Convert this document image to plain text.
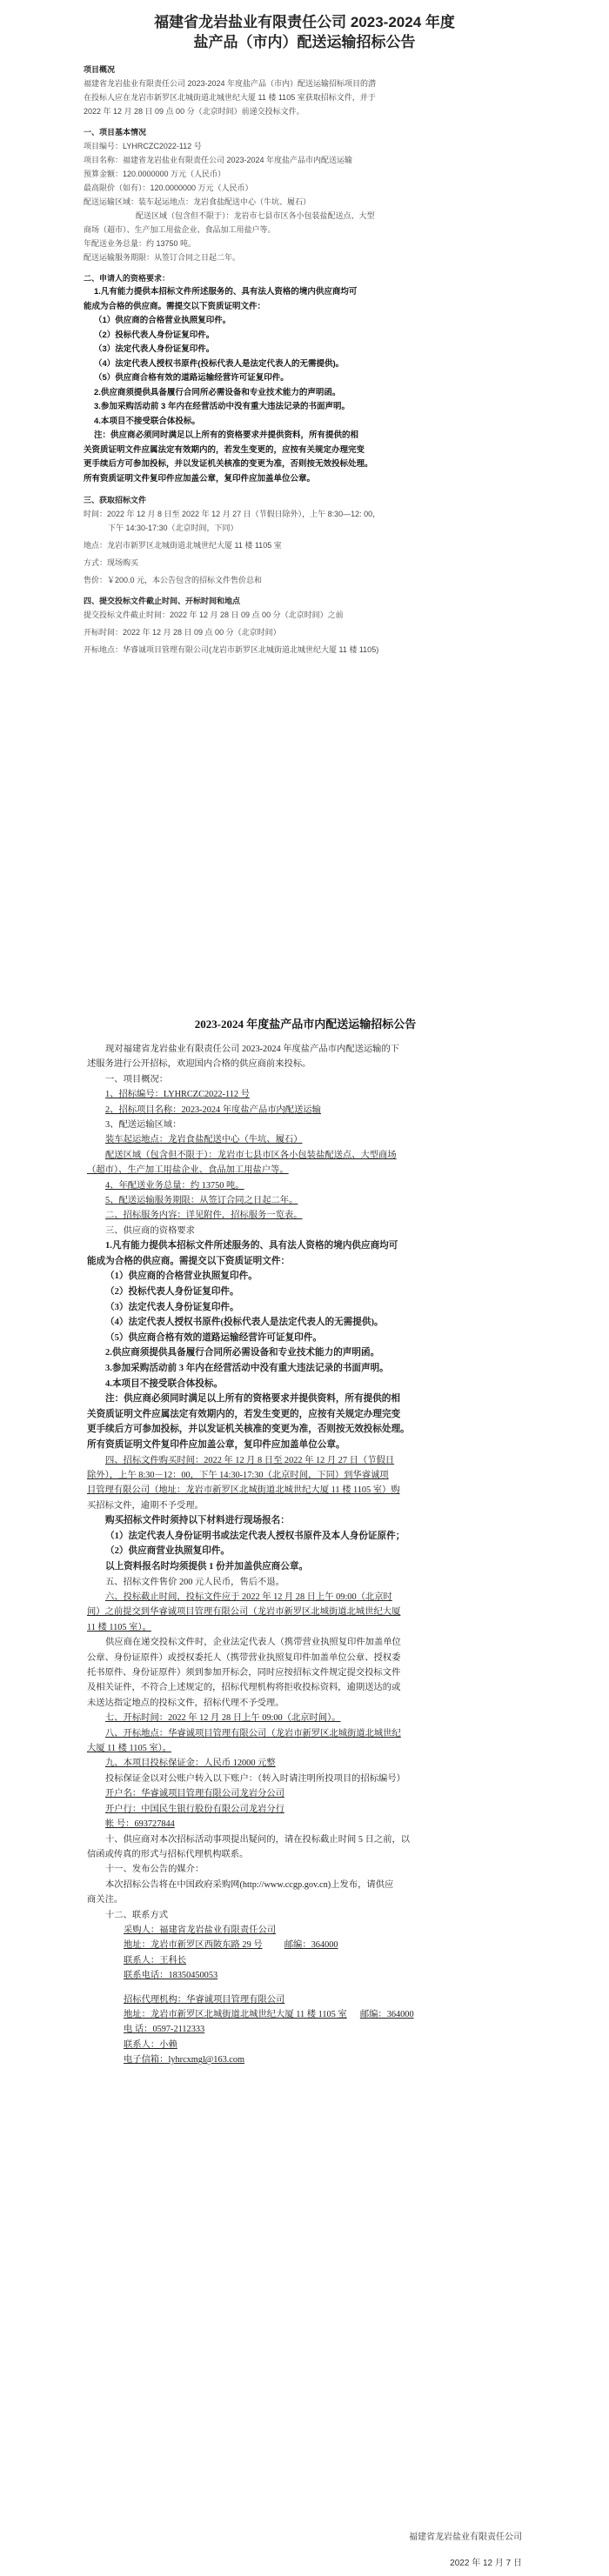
福建省龙岩盐业有限责任公司 2023-2024 年度
盐产品（市内）配送运输招标公告
项目概况
福建省龙岩盐业有限责任公司 2023-2024 年度盐产品（市内）配送运输招标项目的潜
在投标人应在龙岩市新罗区北城街道北城世纪大厦 11 楼 1105 室获取招标文件，并于
2022 年 12 月 28 日 09 点 00 分（北京时间）前递交投标文件。
一、项目基本情况
项目编号：LYHRCZC2022-112 号
项目名称：福建省龙岩盐业有限责任公司 2023-2024 年度盐产品市内配送运输
预算金额：120.0000000 万元（人民币）
最高限价（如有）：120.0000000 万元（人民币）
配送运输区域：装车起运地点：龙岩食盐配送中心（牛坑、履石）
配送区域（包含但不限于）：龙岩市七县市区各小包装盐配送点、大型
商场（超市）、生产加工用盐企业、食品加工用盐户等。
年配送业务总量：约 13750 吨。
配送运输服务期限：从签订合同之日起二年。
二、申请人的资格要求：
1.凡有能力提供本招标文件所述服务的、具有法人资格的境内供应商均可
能成为合格的供应商。需提交以下资质证明文件：
（1）供应商的合格营业执照复印件。
（2）投标代表人身份证复印件。
（3）法定代表人身份证复印件。
（4）法定代表人授权书原件(投标代表人是法定代表人的无需提供)。
（5）供应商合格有效的道路运输经营许可证复印件。
2.供应商须提供具备履行合同所必需设备和专业技术能力的声明函。
3.参加采购活动前 3 年内在经营活动中没有重大违法记录的书面声明。
4.本项目不接受联合体投标。
注：供应商必须同时满足以上所有的资格要求并提供资料，所有提供的相
关资质证明文件应属法定有效期内的，若发生变更的，应按有关规定办理完变
更手续后方可参加投标，并以发证机关核准的变更为准，否则按无效投标处理。
所有资质证明文件复印件应加盖公章，复印件应加盖单位公章。
三、获取招标文件
时间：2022 年 12 月 8 日至 2022 年 12 月 27 日（节假日除外），上午 8:30—12: 00，
下午 14:30-17:30（北京时间，下同）
地点：龙岩市新罗区北城街道北城世纪大厦 11 楼 1105 室
方式：现场购买
售价：￥200.0 元，本公告包含的招标文件售价总和
四、提交投标文件截止时间、开标时间和地点
提交投标文件截止时间：2022 年 12 月 28 日 09 点 00 分（北京时间）之前
开标时间：2022 年 12 月 28 日 09 点 00 分（北京时间）
开标地点：华睿诚项目管理有限公司(龙岩市新罗区北城街道北城世纪大厦 11 楼 1105)
2023-2024 年度盐产品市内配送运输招标公告

现对福建省龙岩盐业有限责任公司 2023-2024 年度盐产品市内配送运输的下

述服务进行公开招标，欢迎国内合格的供应商前来投标。

一、项目概况：

1、招标编号：LYHRCZC2022-112 号

2、招标项目名称：2023-2024 年度盐产品市内配送运输

3、配送运输区域：

装车起运地点：龙岩食盐配送中心（牛坑、履石）

配送区域（包含但不限于）：龙岩市七县市区各小包装盐配送点、大型商场

（超市）、生产加工用盐企业、食品加工用盐户等。

4、年配送业务总量：约 13750 吨。

5、配送运输服务期限：从签订合同之日起二年。

二、招标服务内容：详见附件，招标服务一览表。

三、供应商的资格要求

1.凡有能力提供本招标文件所述服务的、具有法人资格的境内供应商均可

能成为合格的供应商。需提交以下资质证明文件：

（1）供应商的合格营业执照复印件。

（2）投标代表人身份证复印件。

（3）法定代表人身份证复印件。

（4）法定代表人授权书原件(投标代表人是法定代表人的无需提供)。

（5）供应商合格有效的道路运输经营许可证复印件。

2.供应商须提供具备履行合同所必需设备和专业技术能力的声明函。

3.参加采购活动前 3 年内在经营活动中没有重大违法记录的书面声明。

4.本项目不接受联合体投标。

注：供应商必须同时满足以上所有的资格要求并提供资料，所有提供的相

关资质证明文件应属法定有效期内的，若发生变更的，应按有关规定办理完变

更手续后方可参加投标，并以发证机关核准的变更为准，否则按无效投标处理。

所有资质证明文件复印件应加盖公章，复印件应加盖单位公章。

四、招标文件购买时间：2022 年 12 月 8 日至 2022 年 12 月 27 日（节假日

除外），上午 8:30－12：00，下午 14:30-17:30（北京时间，下同）到华睿诚项

目管理有限公司（地址：龙岩市新罗区北城街道北城世纪大厦 11 楼 1105 室）购

买招标文件，逾期不予受理。

购买招标文件时须持以下材料进行现场报名：

（1）法定代表人身份证明书或法定代表人授权书原件及本人身份证原件；

（2）供应商营业执照复印件。

以上资料报名时均须提供 1 份并加盖供应商公章。

五、招标文件售价 200 元人民币，售后不退。

六、投标截止时间，投标文件应于 2022 年 12 月 28 日上午 09:00（北京时

间）之前提交到华睿诚项目管理有限公司（龙岩市新罗区北城街道北城世纪大厦

11 楼 1105 室）。

供应商在递交投标文件时，企业法定代表人（携带营业执照复印件加盖单位

公章、身份证原件）或授权委托人（携带营业执照复印件加盖单位公章、授权委

托书原件、身份证原件）须到参加开标会，同时应按招标文件规定提交投标文件

及相关证件，不符合上述规定的，招标代理机构将拒收投标资料，逾期送达的或

未送达指定地点的投标文件，招标代理不予受理。

七、开标时间：2022 年 12 月 28 日上午 09:00（北京时间）。

八、开标地点：华睿诚项目管理有限公司（龙岩市新罗区北城街道北城世纪

大厦 11 楼 1105 室）。

九、本项目投标保证金：人民币 12000 元整

投标保证金以对公账户转入以下账户：（转入时请注明所投项目的招标编号）

开户名：华睿诚项目管理有限公司龙岩分公司

开户行：中国民生银行股份有限公司龙岩分行

帐 号：693727844

十、供应商对本次招标活动事项提出疑问的，请在投标截止时间 5 日之前，以

信函或传真的形式与招标代理机构联系。

十一、发布公告的媒介：

本次招标公告将在中国政府采购网(http://www.ccgp.gov.cn)上发布，请供应

商关注。

十二、联系方式

采购人：福建省龙岩盐业有限责任公司

地址：龙岩市新罗区西陂东路 29 号 邮编：364000

联系人：王科长

联系电话：18350450053

招标代理机构：华睿诚项目管理有限公司

地址：龙岩市新罗区北城街道北城世纪大厦 11 楼 1105 室 邮编：364000

电 话：0597-2112333

联系人：小赖

电子信箱：lyhrcxmgl@163.com

福建省龙岩盐业有限责任公司
2022 年 12 月 7 日
